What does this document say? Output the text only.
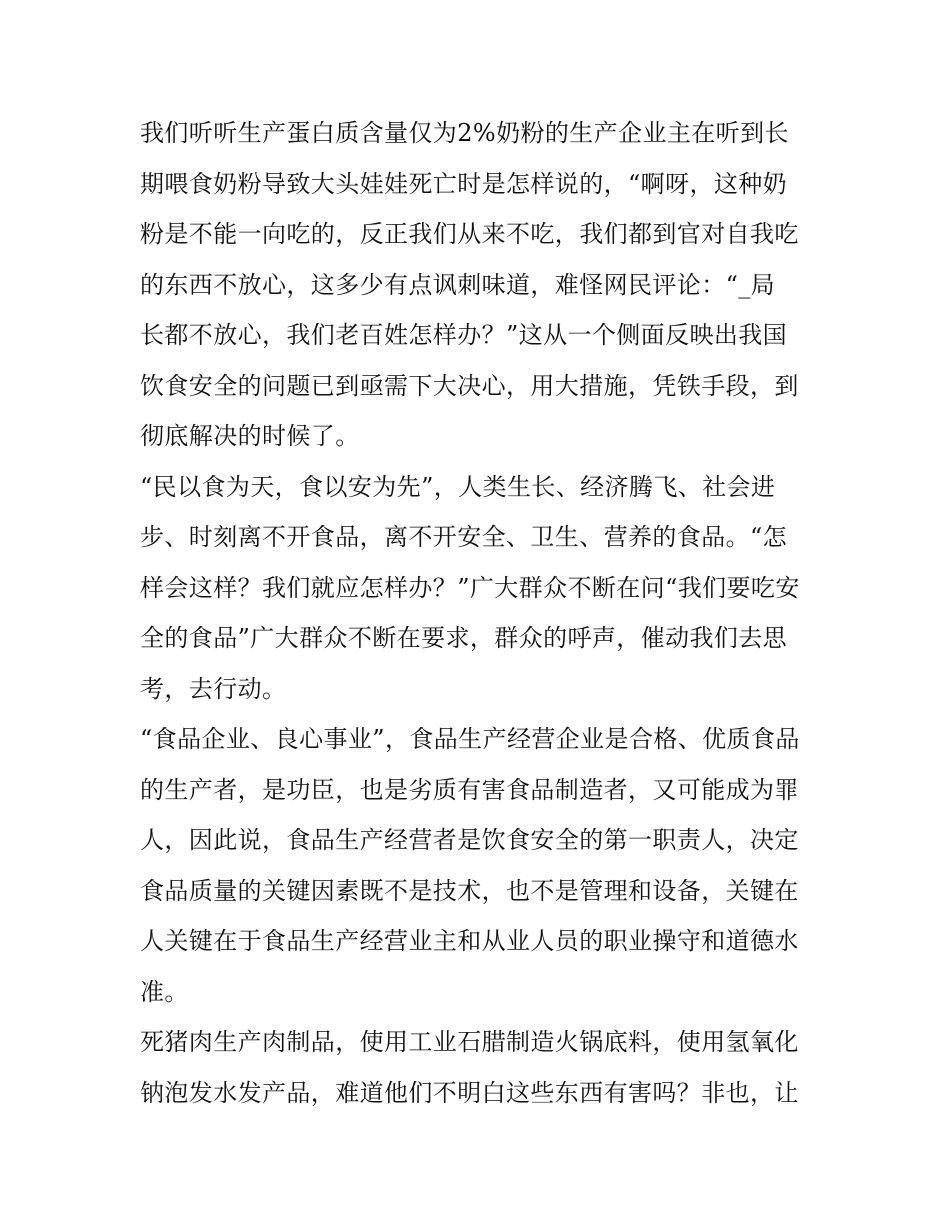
我们听听生产蛋白质含量仅为2%奶粉的生产企业主在听到长
期喂食奶粉导致大头娃娃死亡时是怎样说的，“啊呀，这种奶
粉是不能一向吃的，反正我们从来不吃，我们都到官对自我吃
的东西不放心，这多少有点讽刺味道，难怪网民评论：“_局
长都不放心，我们老百姓怎样办？”这从一个侧面反映出我国
饮食安全的问题已到亟需下大决心，用大措施，凭铁手段，到
彻底解决的时候了。
“民以食为天，食以安为先”，人类生长、经济腾飞、社会进
步、时刻离不开食品，离不开安全、卫生、营养的食品。“怎
样会这样？我们就应怎样办？”广大群众不断在问“我们要吃安
全的食品”广大群众不断在要求，群众的呼声，催动我们去思
考，去行动。
“食品企业、良心事业”，食品生产经营企业是合格、优质食品
的生产者，是功臣，也是劣质有害食品制造者，又可能成为罪
人，因此说，食品生产经营者是饮食安全的第一职责人，决定
食品质量的关键因素既不是技术，也不是管理和设备，关键在
人关键在于食品生产经营业主和从业人员的职业操守和道德水
准。
死猪肉生产肉制品，使用工业石腊制造火锅底料，使用氢氧化
钠泡发水发产品，难道他们不明白这些东西有害吗？非也，让
